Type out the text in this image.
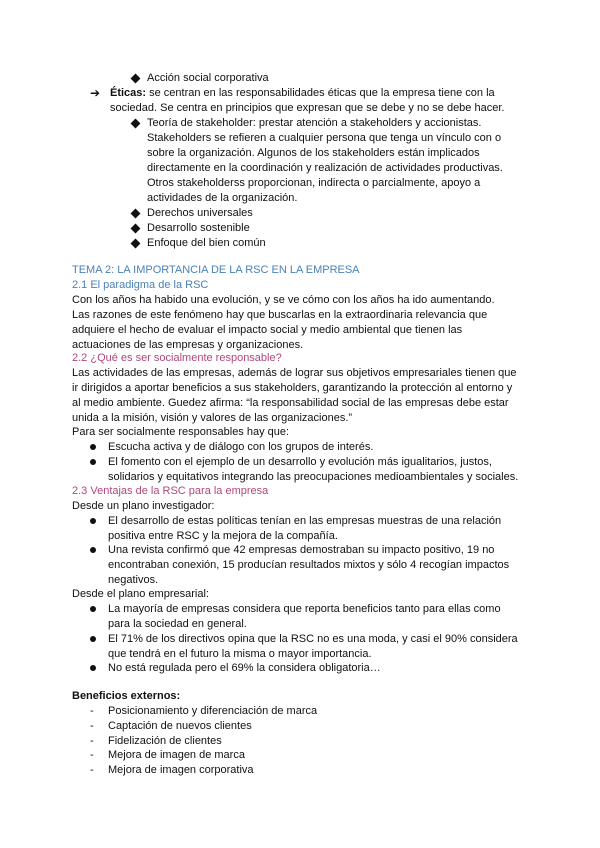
Acción social corporativa
➔ Éticas: se centran en las responsabilidades éticas que la empresa tiene con la
sociedad. Se centra en principios que expresan que se debe y no se debe hacer.
Teoría de stakeholder: prestar atención a stakeholders y accionistas.
Stakeholders se refieren a cualquier persona que tenga un vínculo con o
sobre la organización. Algunos de los stakeholders están implicados
directamente en la coordinación y realización de actividades productivas.
Otros stakeholderss proporcionan, indirecta o parcialmente, apoyo a
actividades de la organización.
Derechos universales
Desarrollo sostenible
Enfoque del bien común
TEMA 2: LA IMPORTANCIA DE LA RSC EN LA EMPRESA
2.1 El paradigma de la RSC
Con los años ha habido una evolución, y se ve cómo con los años ha ido aumentando.
Las razones de este fenómeno hay que buscarlas en la extraordinaria relevancia que
adquiere el hecho de evaluar el impacto social y medio ambiental que tienen las
actuaciones de las empresas y organizaciones.
2.2 ¿Qué es ser socialmente responsable?
Las actividades de las empresas, además de lograr sus objetivos empresariales tienen que
ir dirigidos a aportar beneficios a sus stakeholders, garantizando la protección al entorno y
al medio ambiente. Guedez afirma: “la responsabilidad social de las empresas debe estar
unida a la misión, visión y valores de las organizaciones.”
Para ser socialmente responsables hay que:
Escucha activa y de diálogo con los grupos de interés.
El fomento con el ejemplo de un desarrollo y evolución más igualitarios, justos,
solidarios y equitativos integrando las preocupaciones medioambientales y sociales.
2.3 Ventajas de la RSC para la empresa
Desde un plano investigador:
El desarrollo de estas políticas tenían en las empresas muestras de una relación
positiva entre RSC y la mejora de la compañía.
Una revista confirmó que 42 empresas demostraban su impacto positivo, 19 no
encontraban conexión, 15 producían resultados mixtos y sólo 4 recogían impactos
negativos.
Desde el plano empresarial:
La mayoría de empresas considera que reporta beneficios tanto para ellas como
para la sociedad en general.
El 71% de los directivos opina que la RSC no es una moda, y casi el 90% considera
que tendrá en el futuro la misma o mayor importancia.
No está regulada pero el 69% la considera obligatoria…
Beneficios externos:
- Posicionamiento y diferenciación de marca
- Captación de nuevos clientes
- Fidelización de clientes
- Mejora de imagen de marca
- Mejora de imagen corporativa
